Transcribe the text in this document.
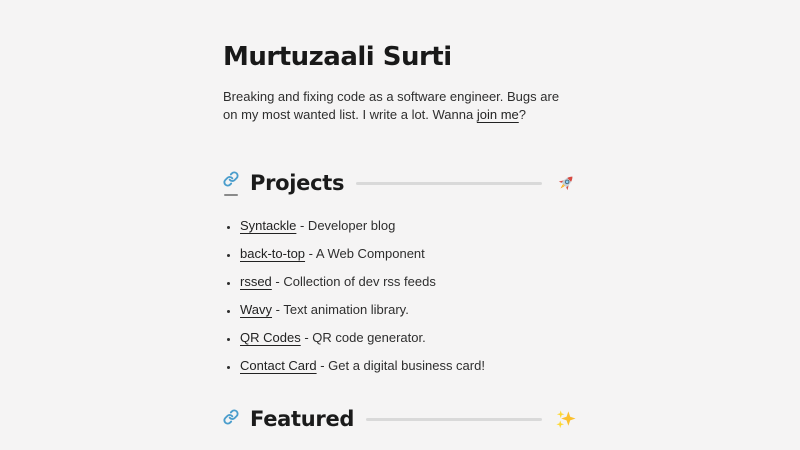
Murtuzaali Surti

Breaking and fixing code as a software engineer. Bugs are on my most wanted list. I write a lot. Wanna join me?

Projects
• Syntackle - Developer blog
• back-to-top - A Web Component
• rssed - Collection of dev rss feeds
• Wavy - Text animation library.
• QR Codes - QR code generator.
• Contact Card - Get a digital business card!
Featured
